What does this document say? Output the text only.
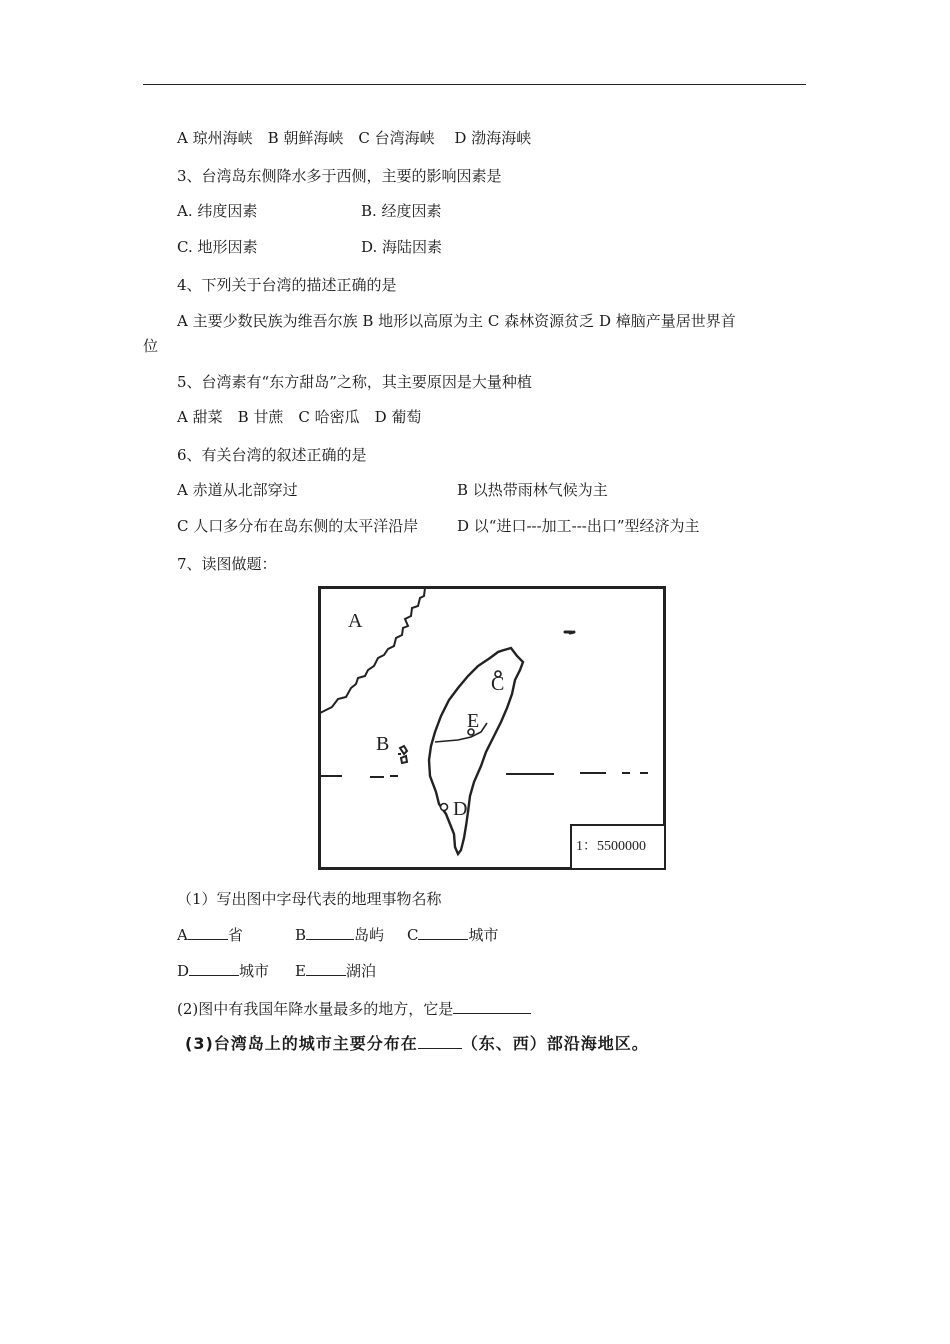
A 琼州海峡　B 朝鲜海峡　C 台湾海峡　 D 渤海海峡
3、台湾岛东侧降水多于西侧，主要的影响因素是
A. 纬度因素	B. 经度因素
C. 地形因素	D. 海陆因素
4、下列关于台湾的描述正确的是
A 主要少数民族为维吾尔族 B 地形以高原为主 C 森林资源贫乏 D 樟脑产量居世界首
位
5、台湾素有“东方甜岛”之称，其主要原因是大量种植
A 甜菜　B 甘蔗　C 哈密瓜　D 葡萄
6、有关台湾的叙述正确的是
A 赤道从北部穿过	B 以热带雨林气候为主
C 人口多分布在岛东侧的太平洋沿岸	D 以“进口---加工---出口”型经济为主
7、读图做题：
A
B
C
D
E
1：5500000
（1）写出图中字母代表的地理事物名称
A	省	B	岛屿 C	城市
D	城市 E	湖泊
(2)图中有我国年降水量最多的地方，它是
(3)台湾岛上的城市主要分布在	（东、西）部沿海地区。
